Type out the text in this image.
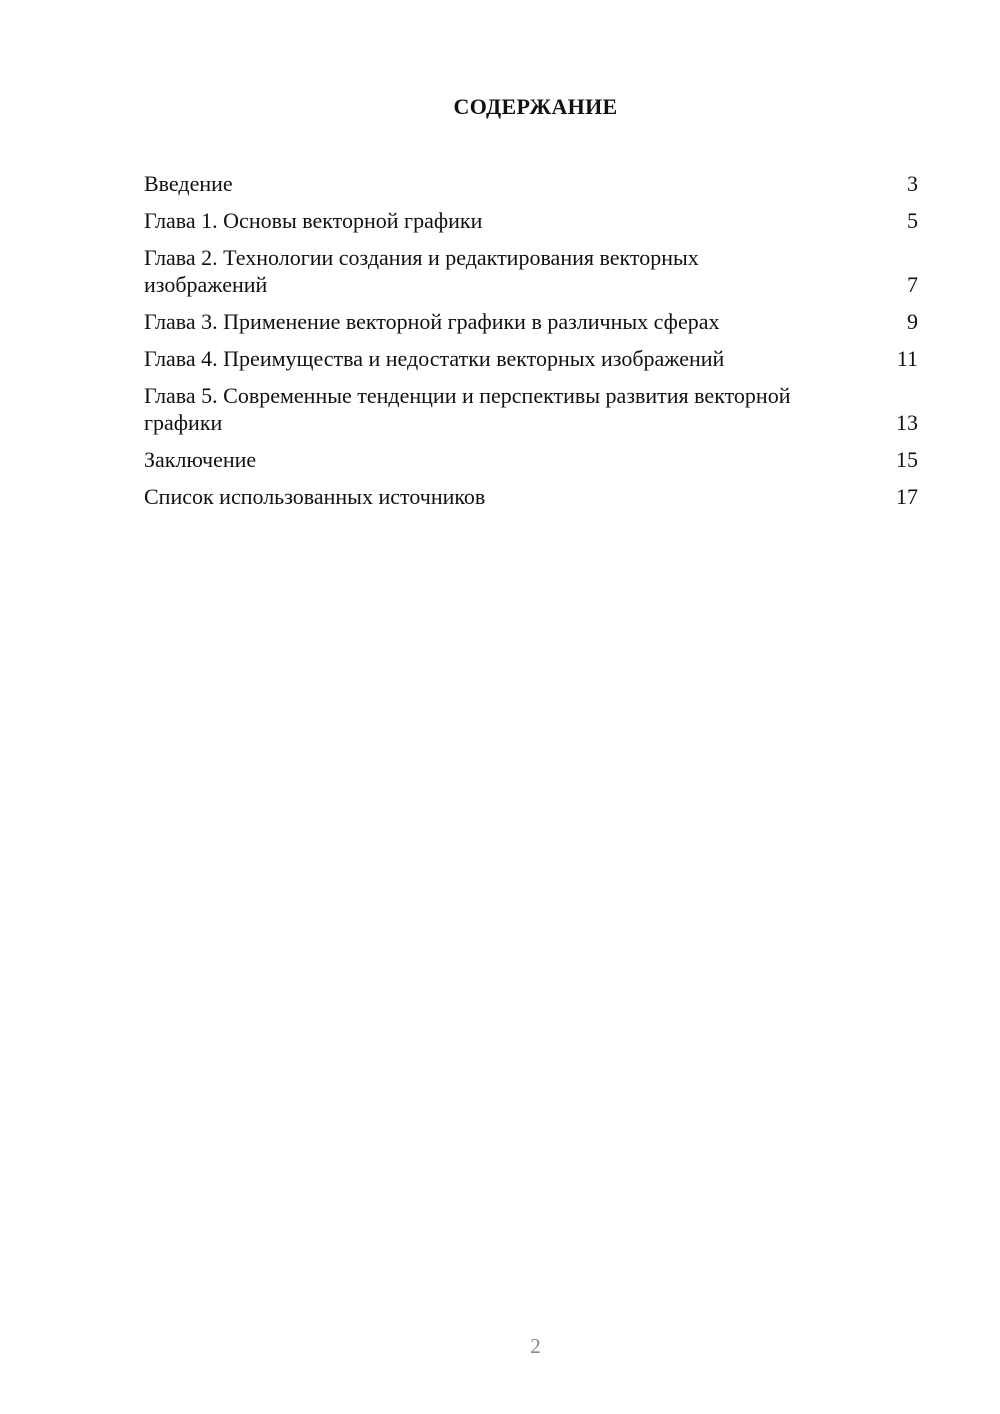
СОДЕРЖАНИЕ
Введение	3
Глава 1. Основы векторной графики	5
Глава 2. Технологии создания и редактирования векторных изображений	7
Глава 3. Применение векторной графики в различных сферах	9
Глава 4. Преимущества и недостатки векторных изображений	11
Глава 5. Современные тенденции и перспективы развития векторной графики	13
Заключение	15
Список использованных источников	17
2
